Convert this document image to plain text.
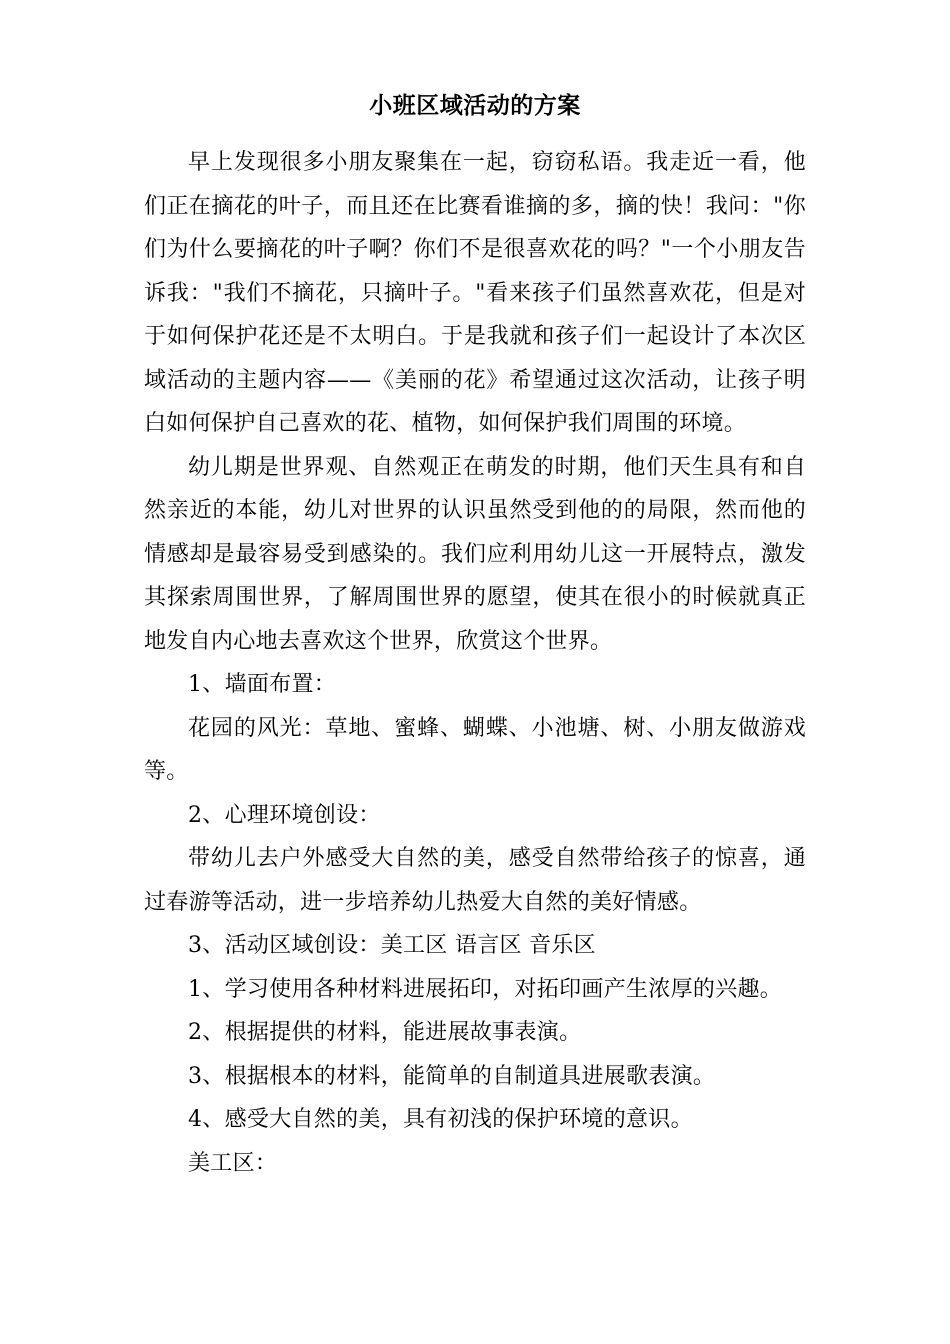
小班区域活动的方案

早上发现很多小朋友聚集在一起，窃窃私语。我走近一看，他们正在摘花的叶子，而且还在比赛看谁摘的多，摘的快！我问："你们为什么要摘花的叶子啊？你们不是很喜欢花的吗？"一个小朋友告诉我："我们不摘花，只摘叶子。"看来孩子们虽然喜欢花，但是对于如何保护花还是不太明白。于是我就和孩子们一起设计了本次区域活动的主题内容——《美丽的花》希望通过这次活动，让孩子明白如何保护自己喜欢的花、植物，如何保护我们周围的环境。

幼儿期是世界观、自然观正在萌发的时期，他们天生具有和自然亲近的本能，幼儿对世界的认识虽然受到他的的局限，然而他的情感却是最容易受到感染的。我们应利用幼儿这一开展特点，激发其探索周围世界，了解周围世界的愿望，使其在很小的时候就真正地发自内心地去喜欢这个世界，欣赏这个世界。

1、墙面布置：

花园的风光：草地、蜜蜂、蝴蝶、小池塘、树、小朋友做游戏等。

2、心理环境创设：

带幼儿去户外感受大自然的美，感受自然带给孩子的惊喜，通过春游等活动，进一步培养幼儿热爱大自然的美好情感。

3、活动区域创设：美工区 语言区 音乐区

1、学习使用各种材料进展拓印，对拓印画产生浓厚的兴趣。

2、根据提供的材料，能进展故事表演。

3、根据根本的材料，能简单的自制道具进展歌表演。

4、感受大自然的美，具有初浅的保护环境的意识。

美工区：
